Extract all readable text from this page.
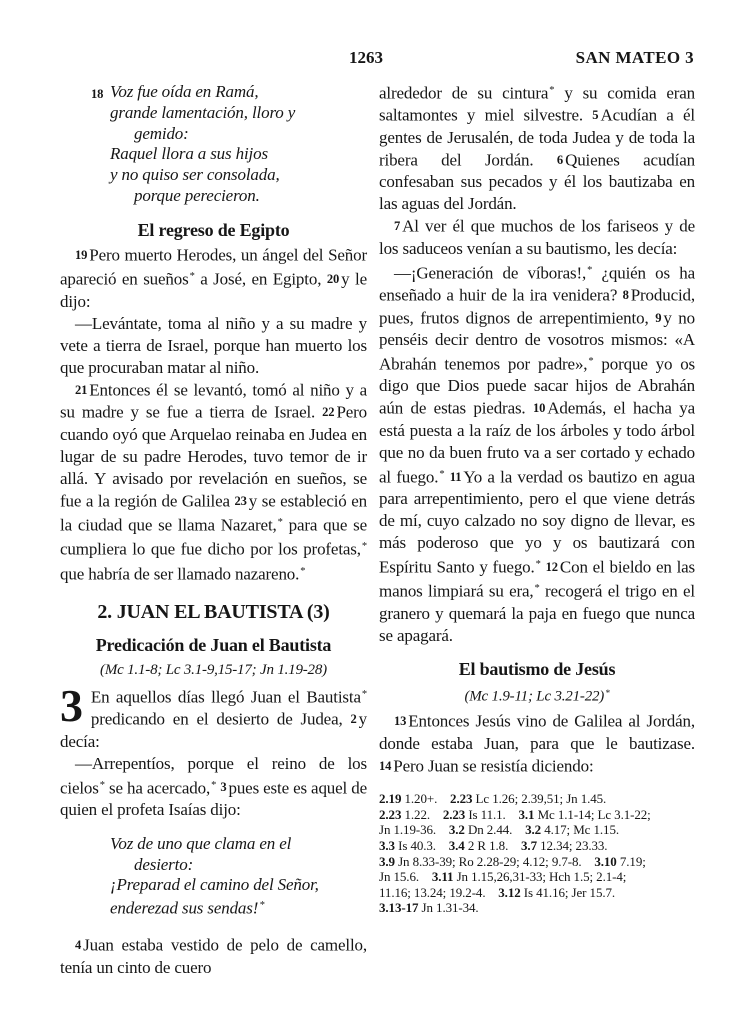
1263	SAN MATEO 3
18 Voz fue oída en Ramá,
grande lamentación, lloro y
gemido:
Raquel llora a sus hijos
y no quiso ser consolada,
porque perecieron.
El regreso de Egipto

19 Pero muerto Herodes, un ángel del Señor apareció en sueños* a José, en Egipto, 20 y le dijo:

—Levántate, toma al niño y a su madre y vete a tierra de Israel, porque han muerto los que procuraban matar al niño.

21 Entonces él se levantó, tomó al niño y a su madre y se fue a tierra de Israel. 22 Pero cuando oyó que Arquelao reinaba en Judea en lugar de su padre Herodes, tuvo temor de ir allá. Y avisado por revelación en sueños, se fue a la región de Galilea 23 y se estableció en la ciudad que se llama Nazaret,* para que se cumpliera lo que fue dicho por los profetas,* que habría de ser llamado nazareno.*

2. JUAN EL BAUTISTA (3)
Predicación de Juan el Bautista
(Mc 1.1-8; Lc 3.1-9,15-17; Jn 1.19-28)

3 En aquellos días llegó Juan el Bautista* predicando en el desierto de Judea, 2 y decía:

—Arrepentíos, porque el reino de los cielos* se ha acercado,* 3 pues este es aquel de quien el profeta Isaías dijo:

Voz de uno que clama en el
desierto:
¡Preparad el camino del Señor,
enderezad sus sendas!*

4 Juan estaba vestido de pelo de camello, tenía un cinto de cuero

alrededor de su cintura* y su comida eran saltamontes y miel silvestre. 5 Acudían a él gentes de Jerusalén, de toda Judea y de toda la ribera del Jordán. 6 Quienes acudían confesaban sus pecados y él los bautizaba en las aguas del Jordán.

7 Al ver él que muchos de los fariseos y de los saduceos venían a su bautismo, les decía:

—¡Generación de víboras!,* ¿quién os ha enseñado a huir de la ira venidera? 8 Producid, pues, frutos dignos de arrepentimiento, 9 y no penséis decir dentro de vosotros mismos: «A Abrahán tenemos por padre»,* porque yo os digo que Dios puede sacar hijos de Abrahán aún de estas piedras. 10 Además, el hacha ya está puesta a la raíz de los árboles y todo árbol que no da buen fruto va a ser cortado y echado al fuego.* 11 Yo a la verdad os bautizo en agua para arrepentimiento, pero el que viene detrás de mí, cuyo calzado no soy digno de llevar, es más poderoso que yo y os bautizará con Espíritu Santo y fuego.* 12 Con el bieldo en las manos limpiará su era,* recogerá el trigo en el granero y quemará la paja en fuego que nunca se apagará.

El bautismo de Jesús
(Mc 1.9-11; Lc 3.21-22)*

13 Entonces Jesús vino de Galilea al Jordán, donde estaba Juan, para que le bautizase. 14 Pero Juan se resistía diciendo:

2.19 1.20+.  2.23 Lc 1.26; 2.39,51; Jn 1.45.
2.23 1.22.  2.23 Is 11.1.  3.1 Mc 1.1-14; Lc 3.1-22;
Jn 1.19-36.  3.2 Dn 2.44.  3.2 4.17; Mc 1.15.
3.3 Is 40.3.  3.4 2 R 1.8.  3.7 12.34; 23.33.
3.9 Jn 8.33-39; Ro 2.28-29; 4.12; 9.7-8.  3.10 7.19;
Jn 15.6.  3.11 Jn 1.15,26,31-33; Hch 1.5; 2.1-4;
11.16; 13.24; 19.2-4.  3.12 Is 41.16; Jer 15.7.
3.13-17 Jn 1.31-34.
